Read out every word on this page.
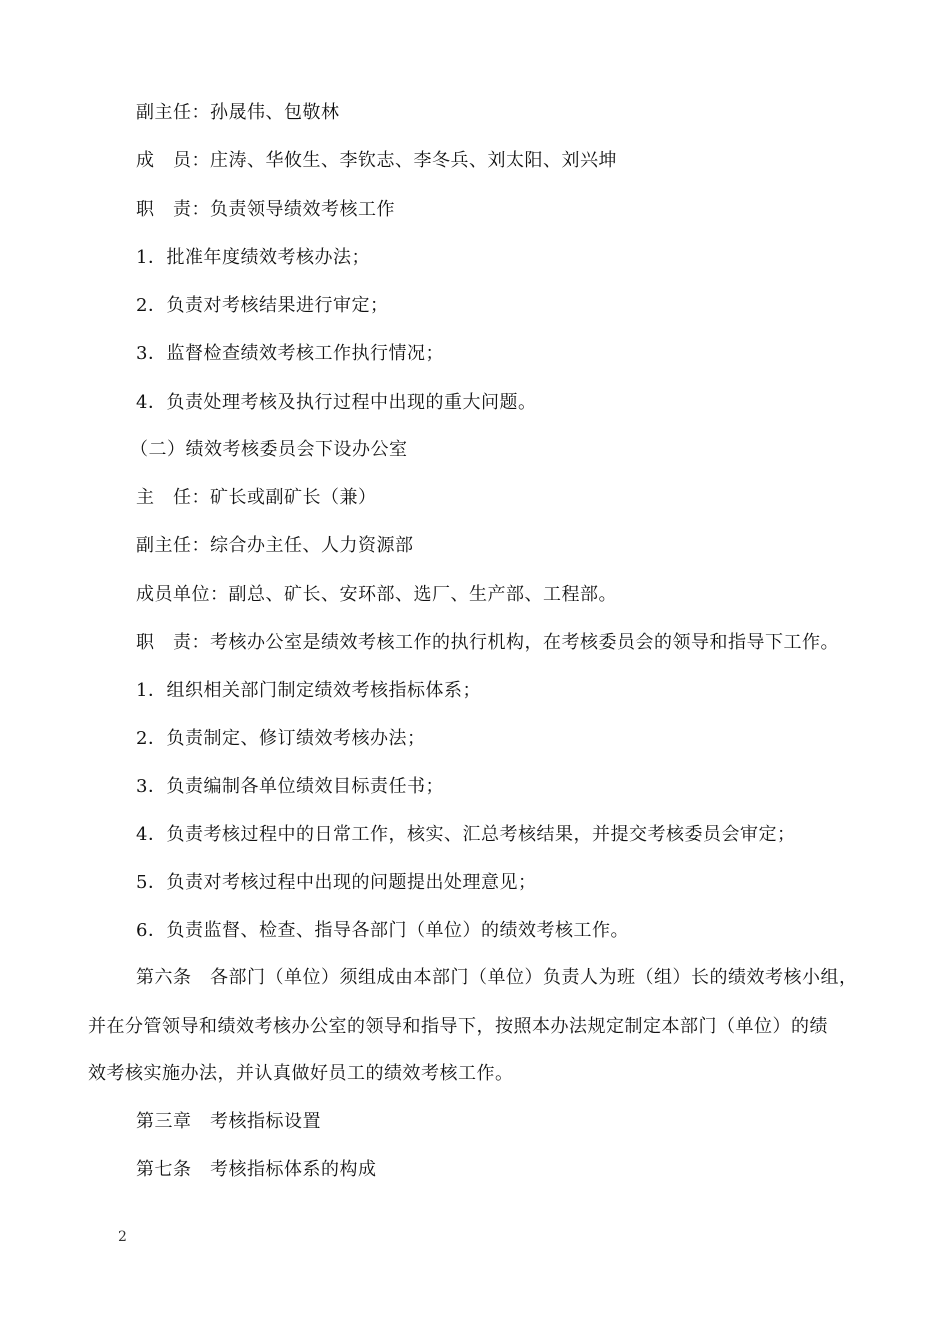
副主任：孙晟伟、包敬林
成　员：庄涛、华攸生、李钦志、李冬兵、刘太阳、刘兴坤
职　责：负责领导绩效考核工作
1．批准年度绩效考核办法；
2．负责对考核结果进行审定；
3．监督检查绩效考核工作执行情况；
4．负责处理考核及执行过程中出现的重大问题。
（二）绩效考核委员会下设办公室
主　任：矿长或副矿长（兼）
副主任：综合办主任、人力资源部
成员单位：副总、矿长、安环部、选厂、生产部、工程部。
职　责：考核办公室是绩效考核工作的执行机构，在考核委员会的领导和指导下工作。
1．组织相关部门制定绩效考核指标体系；
2．负责制定、修订绩效考核办法；
3．负责编制各单位绩效目标责任书；
4．负责考核过程中的日常工作，核实、汇总考核结果，并提交考核委员会审定；
5．负责对考核过程中出现的问题提出处理意见；
6．负责监督、检查、指导各部门（单位）的绩效考核工作。
第六条　各部门（单位）须组成由本部门（单位）负责人为班（组）长的绩效考核小组，
并在分管领导和绩效考核办公室的领导和指导下，按照本办法规定制定本部门（单位）的绩
效考核实施办法，并认真做好员工的绩效考核工作。
第三章　考核指标设置
第七条　考核指标体系的构成
2
